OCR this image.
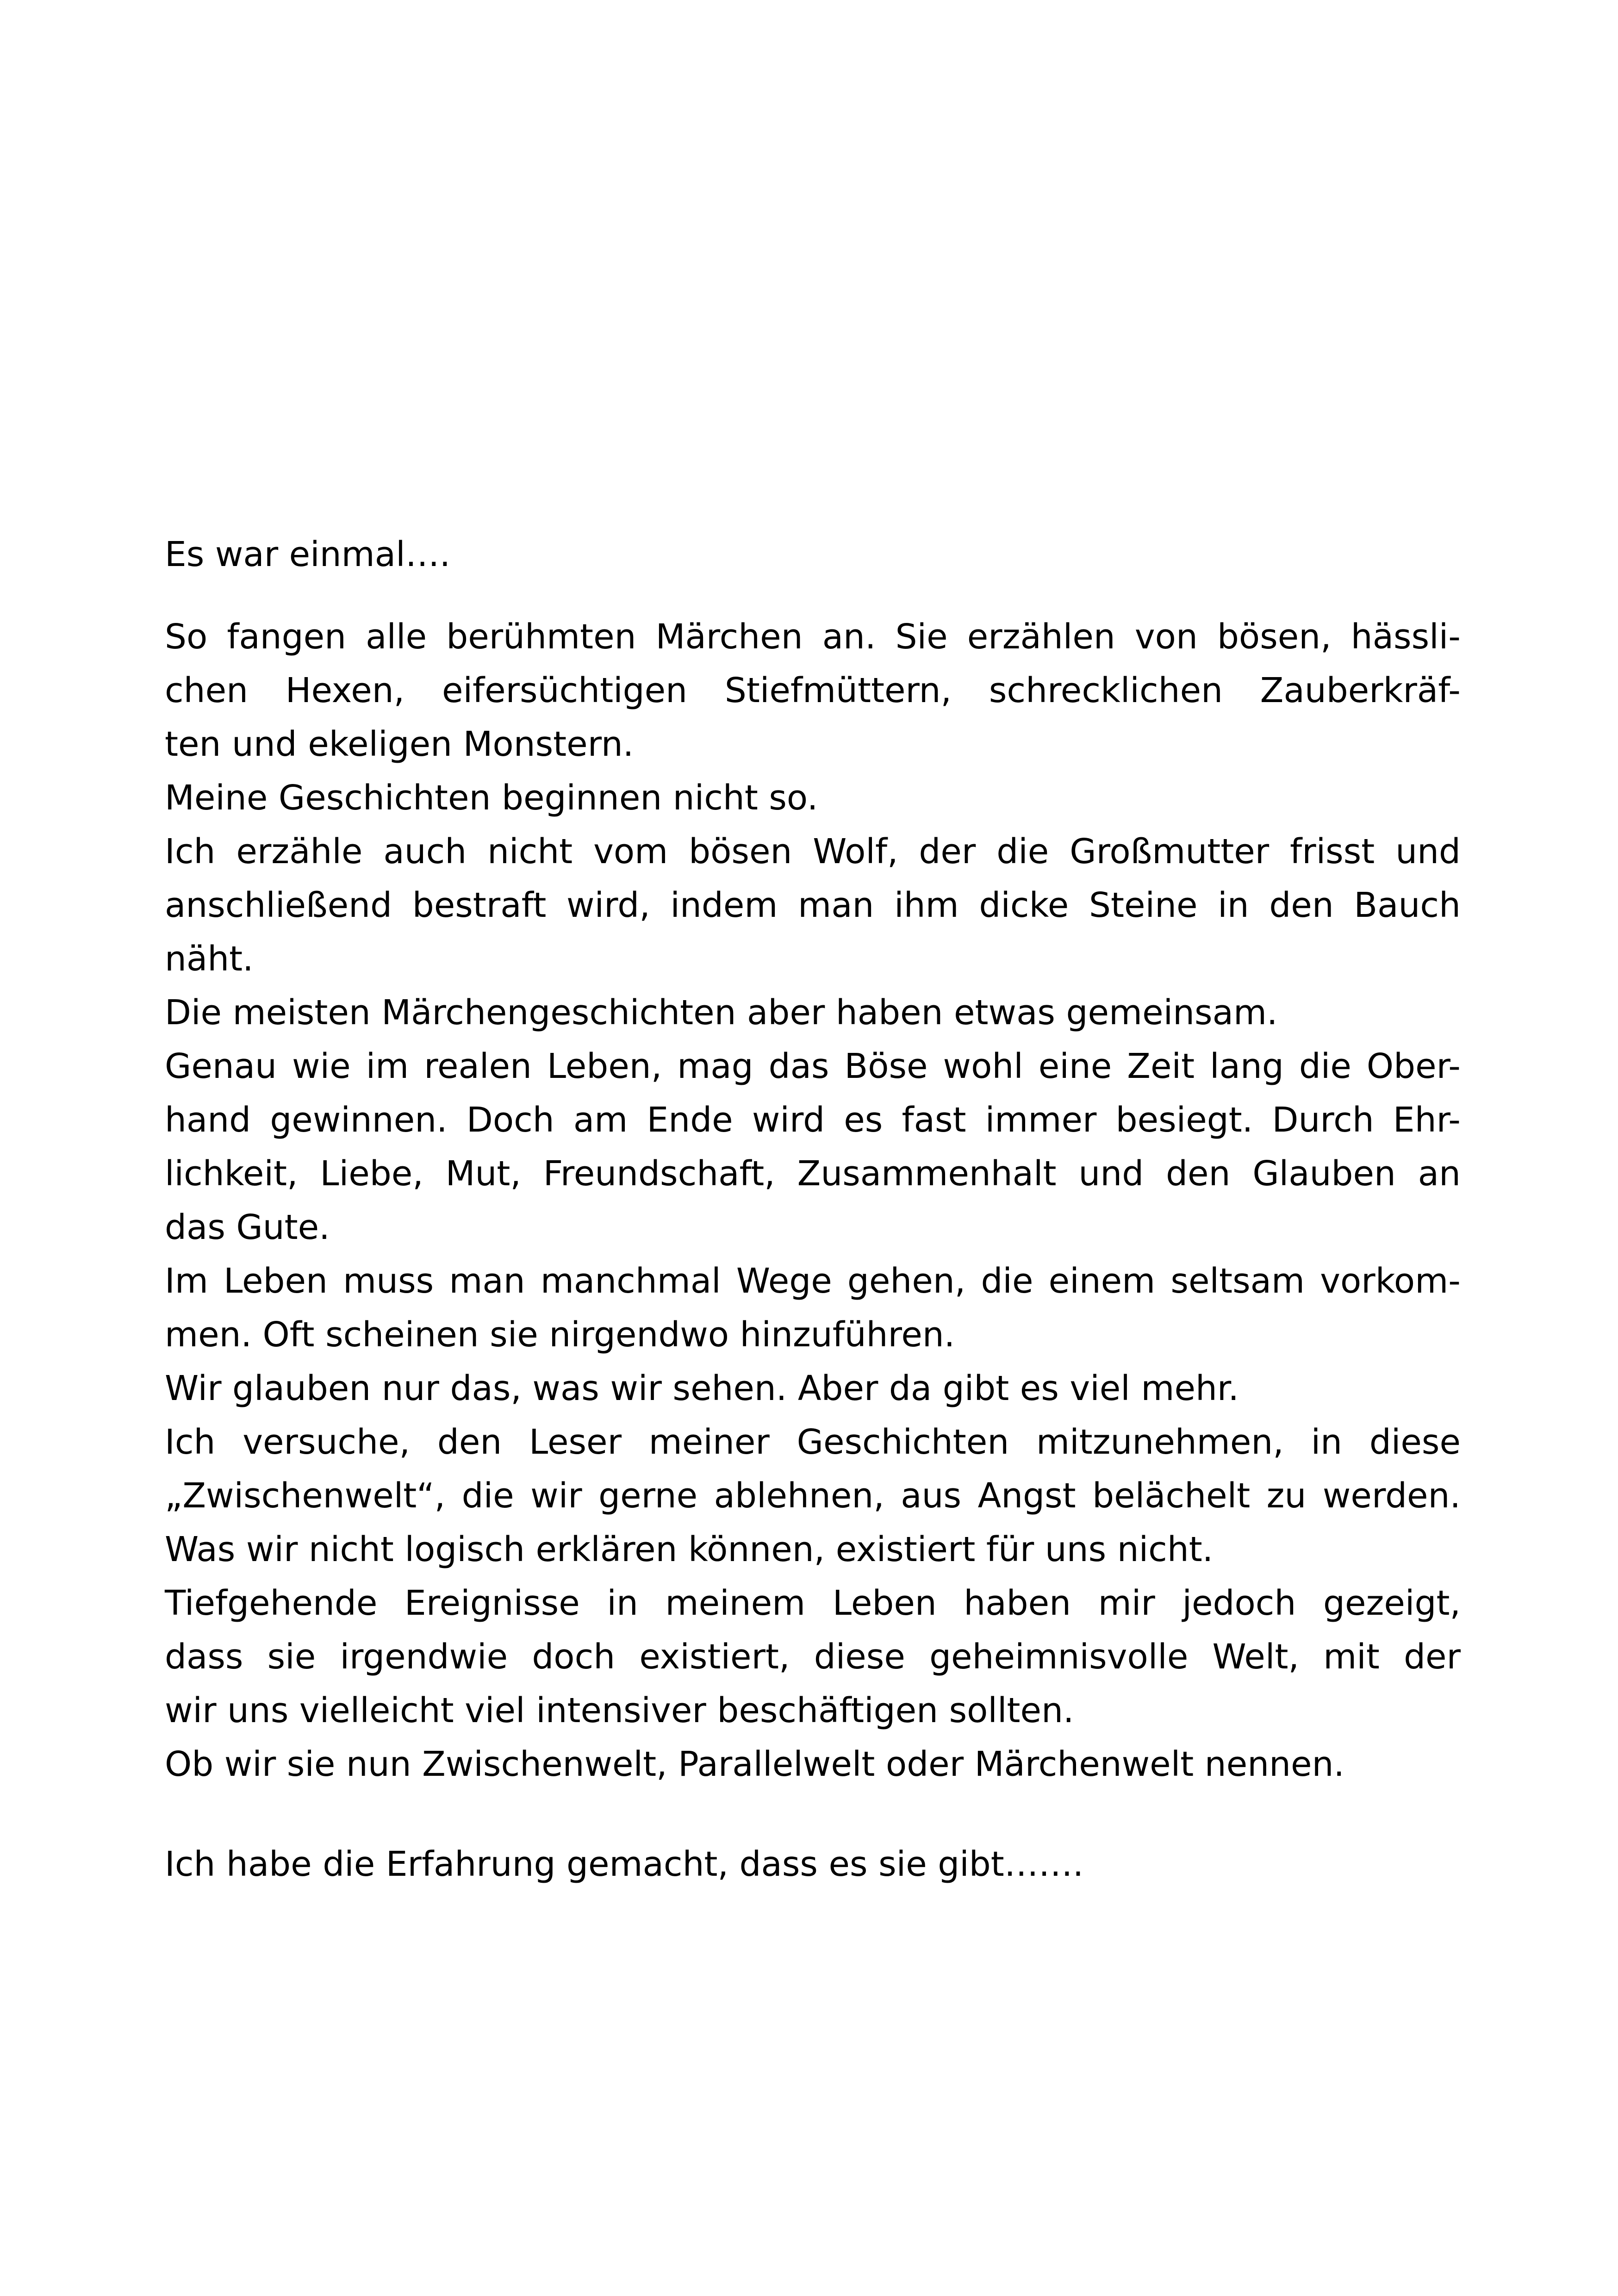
Es war einmal….
So fangen alle berühmten Märchen an. Sie erzählen von bösen, hässli-
chen Hexen, eifersüchtigen Stiefmüttern, schrecklichen Zauberkräf-
ten und ekeligen Monstern.
Meine Geschichten beginnen nicht so.
Ich erzähle auch nicht vom bösen Wolf, der die Großmutter frisst und
anschließend bestraft wird, indem man ihm dicke Steine in den Bauch
näht.
Die meisten Märchengeschichten aber haben etwas gemeinsam.
Genau wie im realen Leben, mag das Böse wohl eine Zeit lang die Ober-
hand gewinnen. Doch am Ende wird es fast immer besiegt. Durch Ehr-
lichkeit, Liebe, Mut, Freundschaft, Zusammenhalt und den Glauben an
das Gute.
Im Leben muss man manchmal Wege gehen, die einem seltsam vorkom-
men. Oft scheinen sie nirgendwo hinzuführen.
Wir glauben nur das, was wir sehen. Aber da gibt es viel mehr.
Ich versuche, den Leser meiner Geschichten mitzunehmen, in diese
„Zwischenwelt“, die wir gerne ablehnen, aus Angst belächelt zu werden.
Was wir nicht logisch erklären können, existiert für uns nicht.
Tiefgehende Ereignisse in meinem Leben haben mir jedoch gezeigt,
dass sie irgendwie doch existiert, diese geheimnisvolle Welt, mit der
wir uns vielleicht viel intensiver beschäftigen sollten.
Ob wir sie nun Zwischenwelt, Parallelwelt oder Märchenwelt nennen.
Ich habe die Erfahrung gemacht, dass es sie gibt…….
